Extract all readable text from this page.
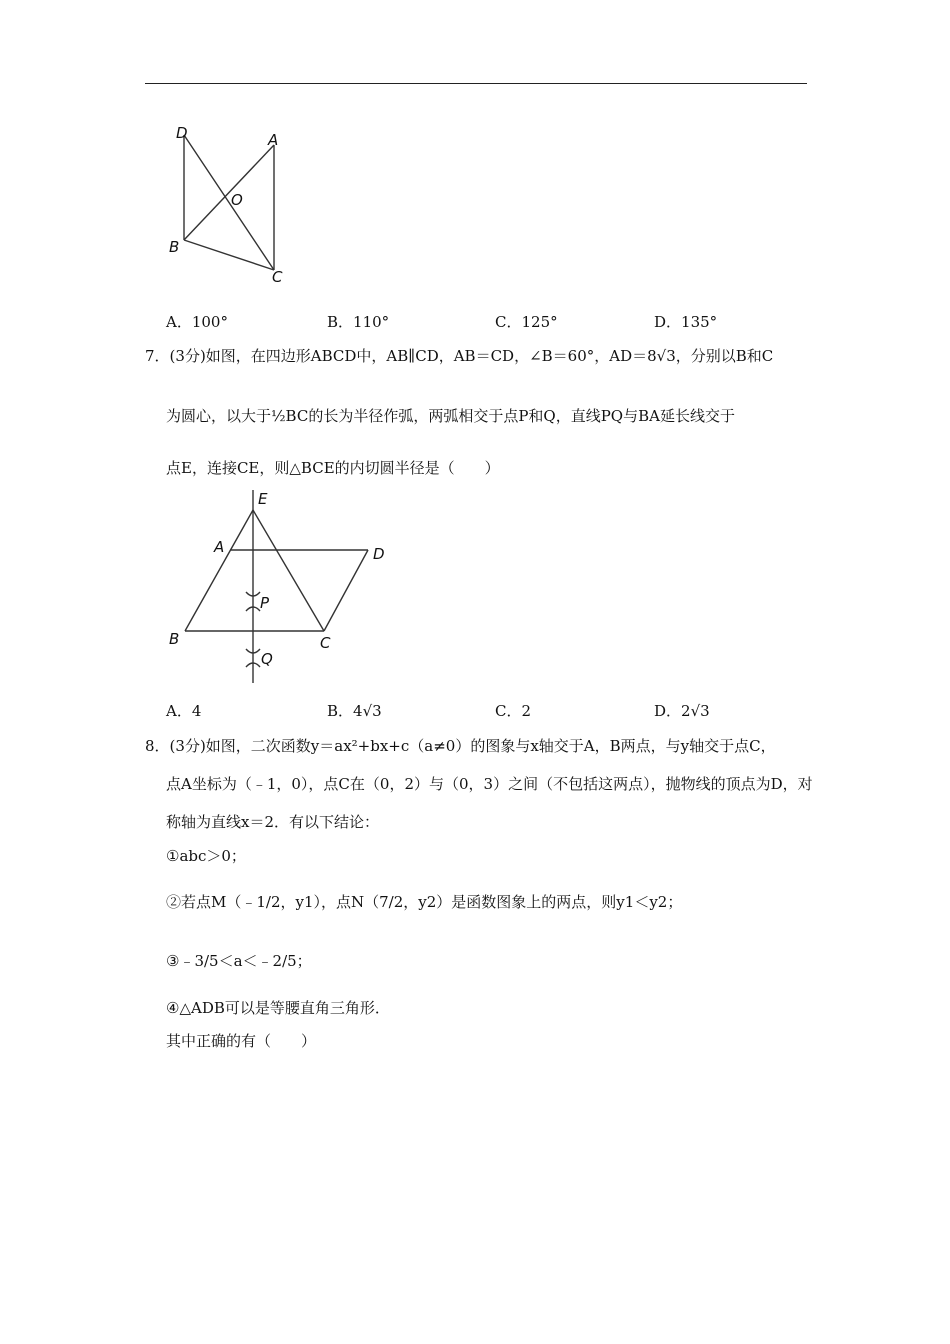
D	A
O
B
C
A．100°	B．110°	C．125°	D．135°
7．(3分)如图，在四边形ABCD中，AB∥CD，AB＝CD，∠B＝60°，AD＝8√3，分别以B和C
为圆心，以大于½BC的长为半径作弧，两弧相交于点P和Q，直线PQ与BA延长线交于
点E，连接CE，则△BCE的内切圆半径是（　　）
E
A	D
P
B	C
Q
A．4	B．4√3	C．2	D．2√3
8．(3分)如图，二次函数y＝ax²+bx+c（a≠0）的图象与x轴交于A，B两点，与y轴交于点C，
点A坐标为（﹣1，0），点C在（0，2）与（0，3）之间（不包括这两点），抛物线的顶点为D，对
称轴为直线x＝2．有以下结论：
①abc＞0；
②若点M（﹣1/2，y1），点N（7/2，y2）是函数图象上的两点，则y1＜y2；
③﹣3/5＜a＜﹣2/5；
④△ADB可以是等腰直角三角形．
其中正确的有（　　）
